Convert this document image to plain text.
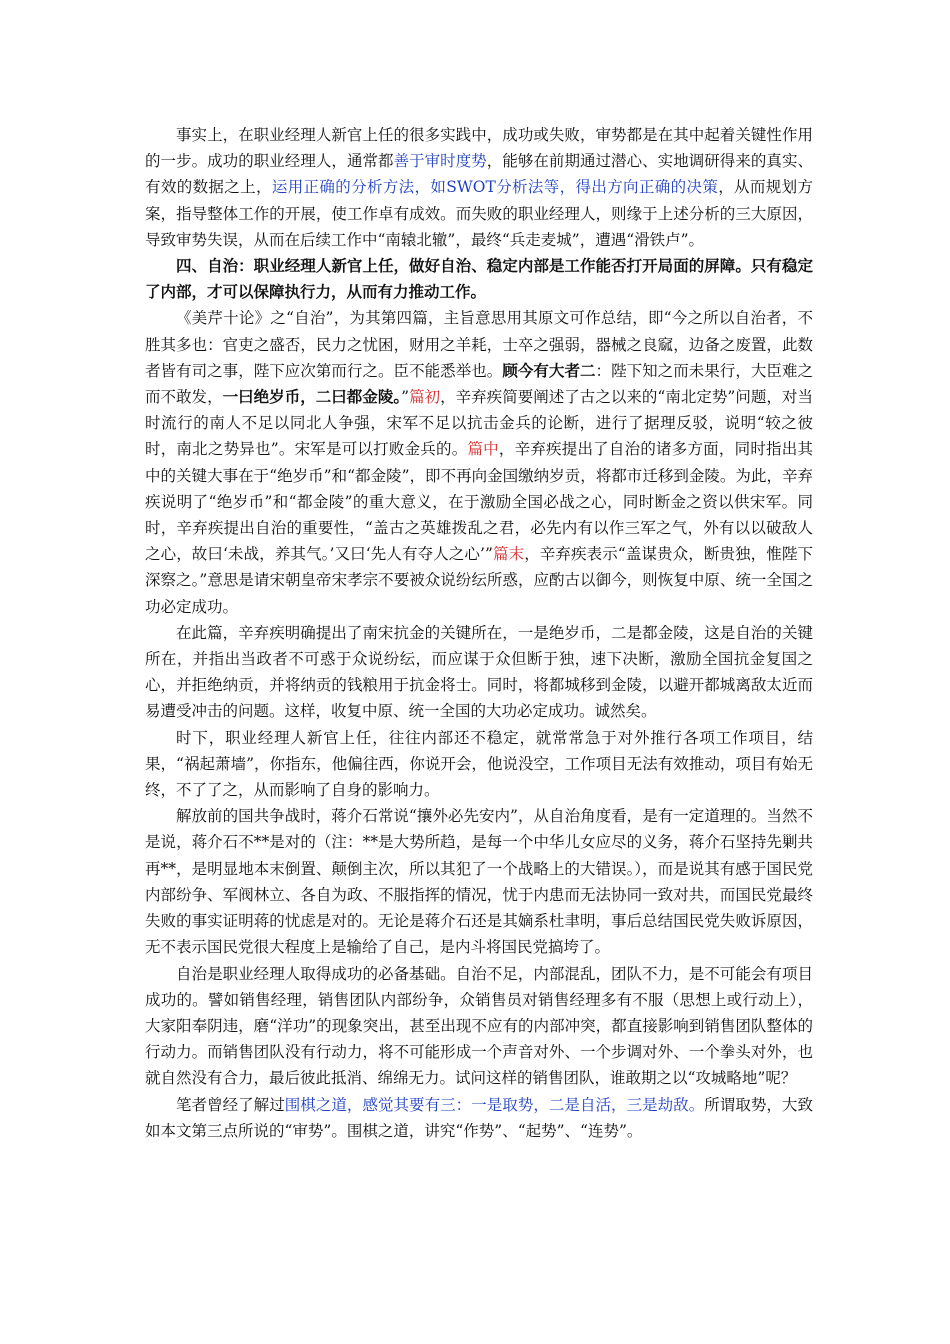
事实上，在职业经理人新官上任的很多实践中，成功或失败，审势都是在其中起着关键性作用的一步。成功的职业经理人，通常都善于审时度势，能够在前期通过潜心、实地调研得来的真实、有效的数据之上，运用正确的分析方法，如SWOT分析法等，得出方向正确的决策，从而规划方案，指导整体工作的开展，使工作卓有成效。而失败的职业经理人，则缘于上述分析的三大原因，导致审势失误，从而在后续工作中“南辕北辙”，最终“兵走麦城”，遭遇“滑铁卢”。

四、自治：职业经理人新官上任，做好自治、稳定内部是工作能否打开局面的屏障。只有稳定了内部，才可以保障执行力，从而有力推动工作。

《美芹十论》之“自治”，为其第四篇，主旨意思用其原文可作总结，即“今之所以自治者，不胜其多也：官吏之盛否，民力之忧困，财用之羊耗，士卒之强弱，器械之良窳，边备之废置，此数者皆有司之事，陛下应次第而行之。臣不能悉举也。顾今有大者二：陛下知之而未果行，大臣难之而不敢发，一曰绝岁币，二曰都金陵。”篇初，辛弃疾简要阐述了古之以来的“南北定势”问题，对当时流行的南人不足以同北人争强，宋军不足以抗击金兵的论断，进行了据理反驳，说明“较之彼时，南北之势异也”。宋军是可以打败金兵的。篇中，辛弃疾提出了自治的诸多方面，同时指出其中的关键大事在于“绝岁币”和“都金陵”，即不再向金国缴纳岁贡，将都市迁移到金陵。为此，辛弃疾说明了“绝岁币”和“都金陵”的重大意义，在于激励全国必战之心，同时断金之资以供宋军。同时，辛弃疾提出自治的重要性，“盖古之英雄拨乱之君，必先内有以作三军之气，外有以以破敌人之心，故曰‘未战，养其气。’又曰‘先人有夺人之心’”篇末，辛弃疾表示“盖谋贵众，断贵独，惟陛下深察之。”意思是请宋朝皇帝宋孝宗不要被众说纷纭所惑，应酌古以御今，则恢复中原、统一全国之功必定成功。

在此篇，辛弃疾明确提出了南宋抗金的关键所在，一是绝岁币，二是都金陵，这是自治的关键所在，并指出当政者不可惑于众说纷纭，而应谋于众但断于独，速下决断，激励全国抗金复国之心，并拒绝纳贡，并将纳贡的钱粮用于抗金将士。同时，将都城移到金陵，以避开都城离敌太近而易遭受冲击的问题。这样，收复中原、统一全国的大功必定成功。诚然矣。

时下，职业经理人新官上任，往往内部还不稳定，就常常急于对外推行各项工作项目，结果，“祸起萧墙”，你指东，他偏往西，你说开会，他说没空，工作项目无法有效推动，项目有始无终，不了了之，从而影响了自身的影响力。

解放前的国共争战时，蒋介石常说“攘外必先安内”，从自治角度看，是有一定道理的。当然不是说，蒋介石不**是对的（注：**是大势所趋，是每一个中华儿女应尽的义务，蒋介石坚持先剿共再**，是明显地本末倒置、颠倒主次，所以其犯了一个战略上的大错误。），而是说其有感于国民党内部纷争、军阀林立、各自为政、不服指挥的情况，忧于内患而无法协同一致对共，而国民党最终失败的事实证明蒋的忧虑是对的。无论是蒋介石还是其嫡系杜聿明，事后总结国民党失败诉原因，无不表示国民党很大程度上是输给了自己，是内斗将国民党搞垮了。

自治是职业经理人取得成功的必备基础。自治不足，内部混乱，团队不力，是不可能会有项目成功的。譬如销售经理，销售团队内部纷争，众销售员对销售经理多有不服（思想上或行动上），大家阳奉阴违，磨“洋功”的现象突出，甚至出现不应有的内部冲突，都直接影响到销售团队整体的行动力。而销售团队没有行动力，将不可能形成一个声音对外、一个步调对外、一个拳头对外，也就自然没有合力，最后彼此抵消、绵绵无力。试问这样的销售团队，谁敢期之以“攻城略地”呢？

笔者曾经了解过围棋之道，感觉其要有三：一是取势，二是自活，三是劫敌。所谓取势，大致如本文第三点所说的“审势”。围棋之道，讲究“作势”、“起势”、“连势”。
